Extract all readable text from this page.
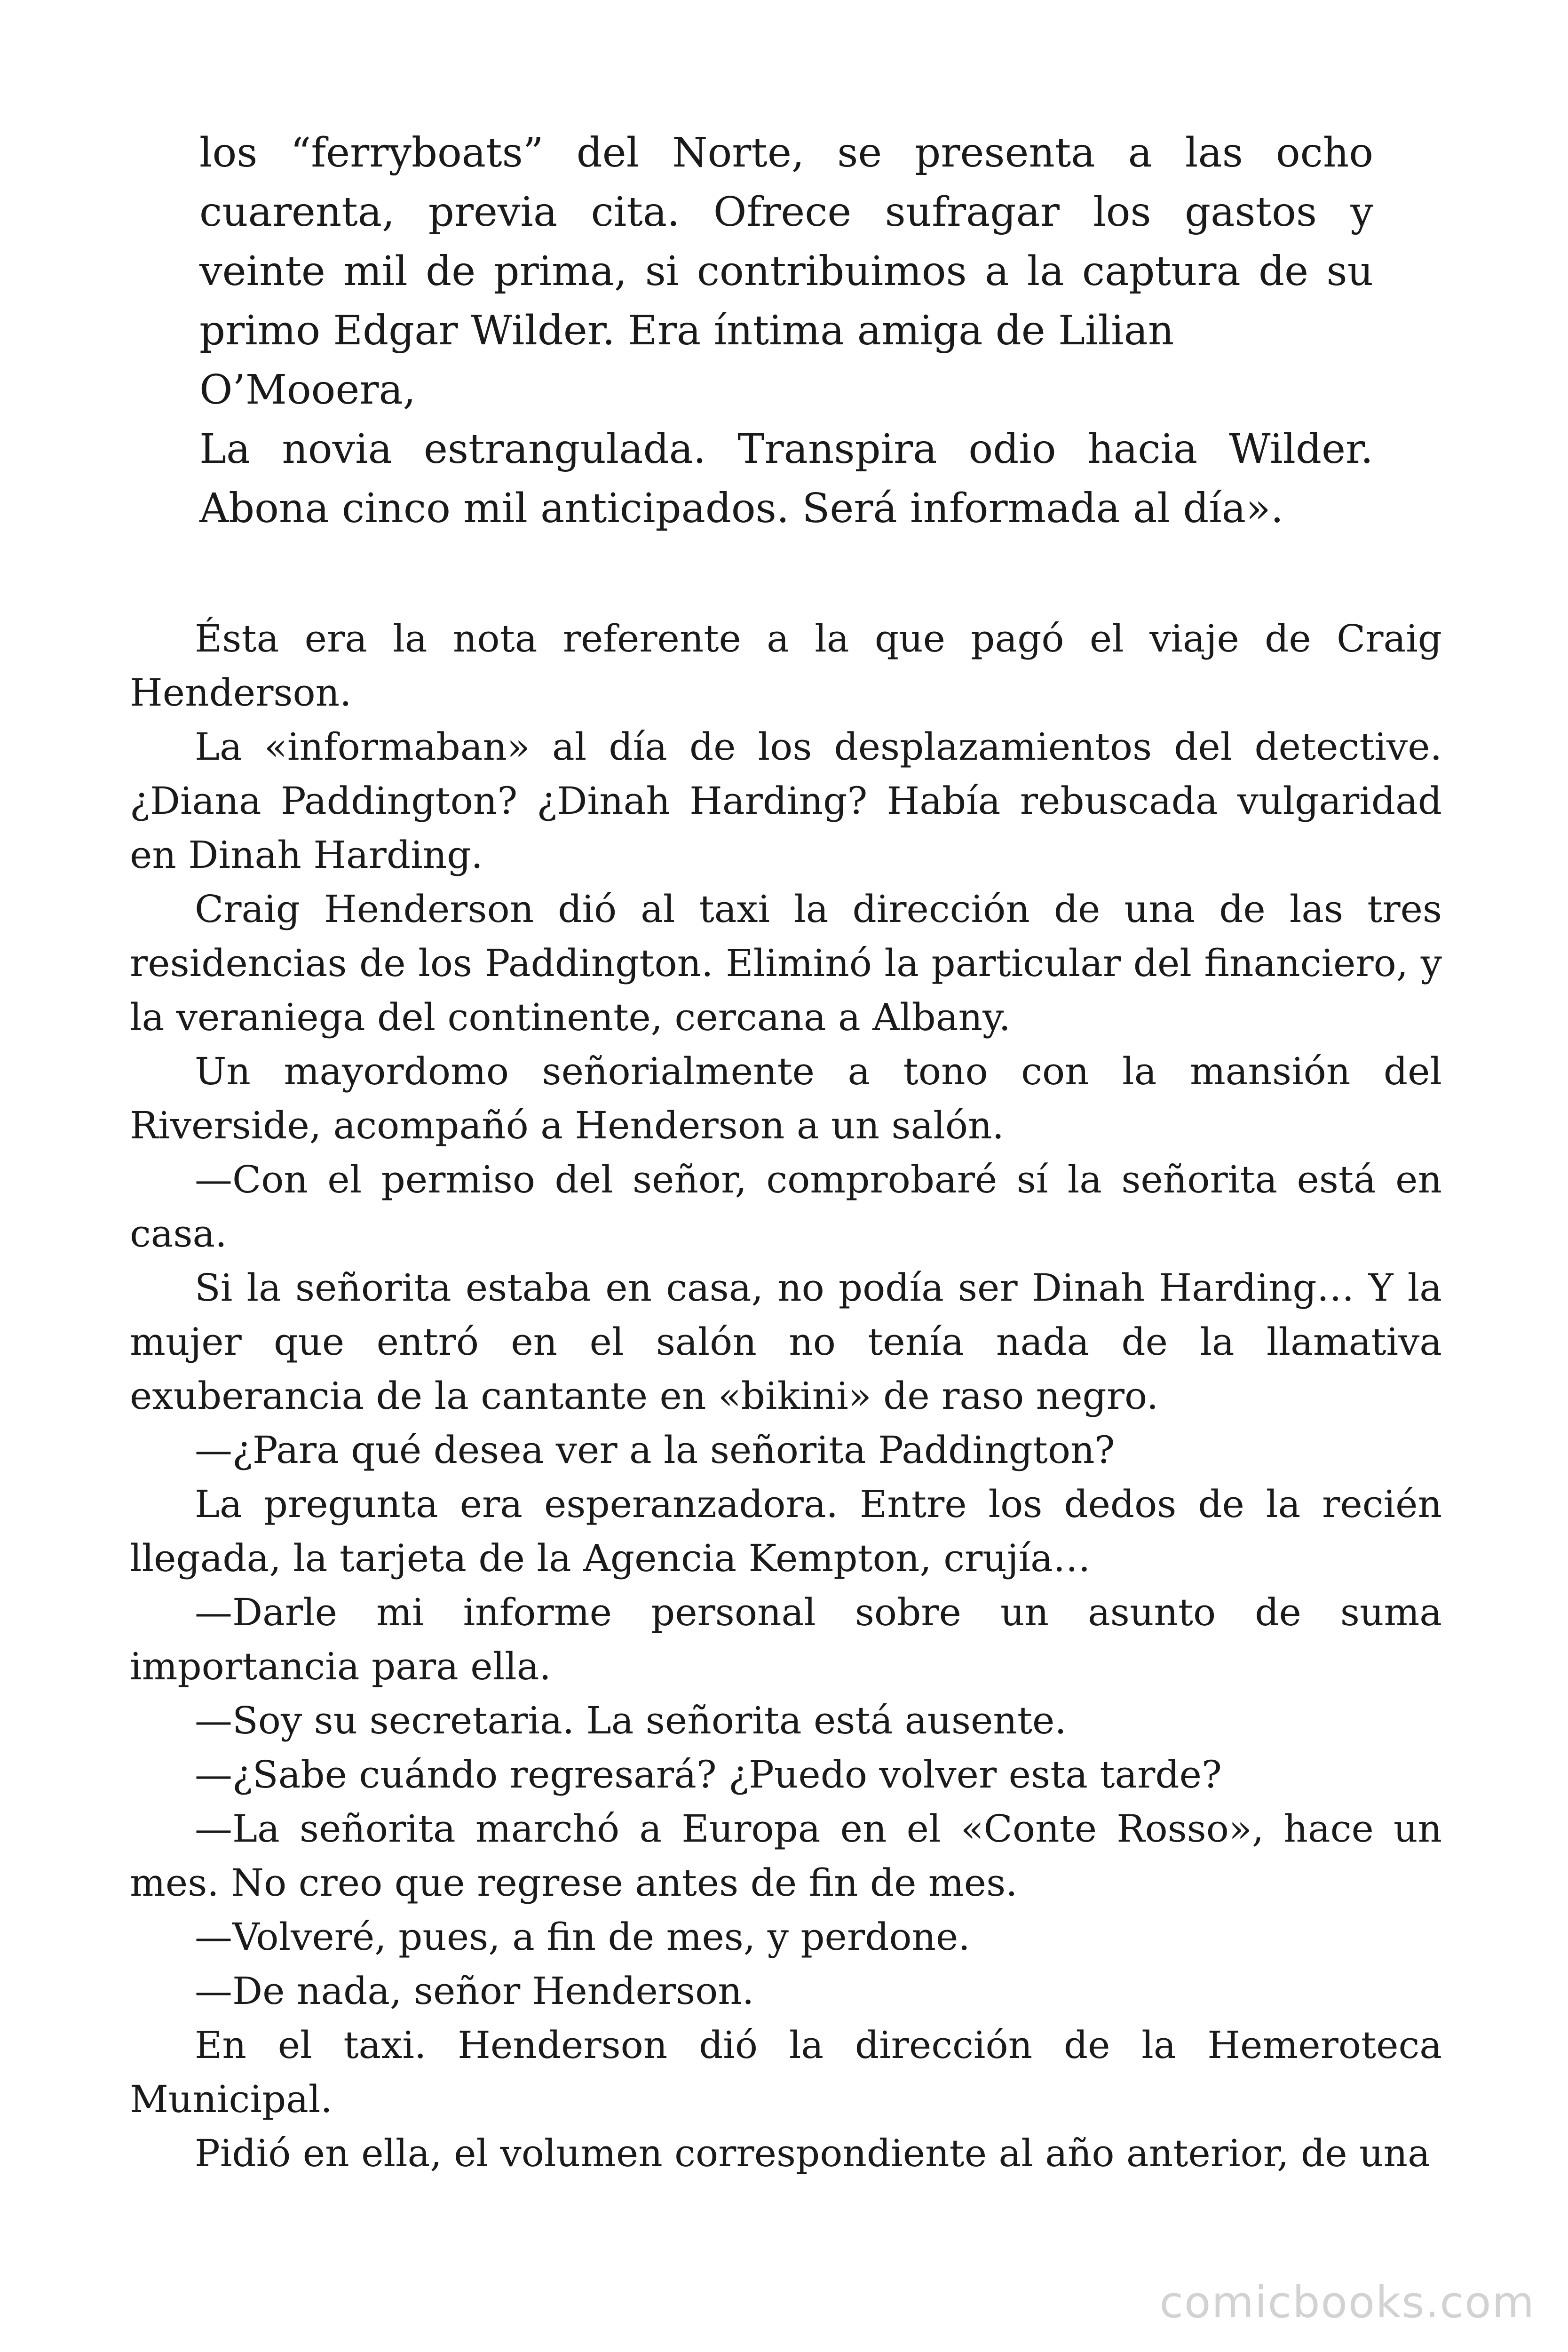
los “ferryboats” del Norte, se presenta a las ocho
cuarenta, previa cita. Ofrece sufragar los gastos y
veinte mil de prima, si contribuimos a la captura de su
primo Edgar Wilder. Era íntima amiga de Lilian
O’Mooera,
La novia estrangulada. Transpira odio hacia Wilder.
Abona cinco mil anticipados. Será informada al día».

Ésta era la nota referente a la que pagó el viaje de Craig Henderson.

La «informaban» al día de los desplazamientos del detective. ¿Diana Paddington? ¿Dinah Harding? Había rebuscada vulgaridad en Dinah Harding.

Craig Henderson dió al taxi la dirección de una de las tres residencias de los Paddington. Eliminó la particular del financiero, y la veraniega del continente, cercana a Albany.

Un mayordomo señorialmente a tono con la mansión del Riverside, acompañó a Henderson a un salón.

—Con el permiso del señor, comprobaré sí la señorita está en casa.

Si la señorita estaba en casa, no podía ser Dinah Harding… Y la mujer que entró en el salón no tenía nada de la llamativa exuberancia de la cantante en «bikini» de raso negro.

—¿Para qué desea ver a la señorita Paddington?

La pregunta era esperanzadora. Entre los dedos de la recién llegada, la tarjeta de la Agencia Kempton, crujía…

—Darle mi informe personal sobre un asunto de suma importancia para ella.

—Soy su secretaria. La señorita está ausente.

—¿Sabe cuándo regresará? ¿Puedo volver esta tarde?

—La señorita marchó a Europa en el «Conte Rosso», hace un mes. No creo que regrese antes de fin de mes.

—Volveré, pues, a fin de mes, y perdone.

—De nada, señor Henderson.

En el taxi. Henderson dió la dirección de la Hemeroteca Municipal.

Pidió en ella, el volumen correspondiente al año anterior, de una

comicbooks.com
